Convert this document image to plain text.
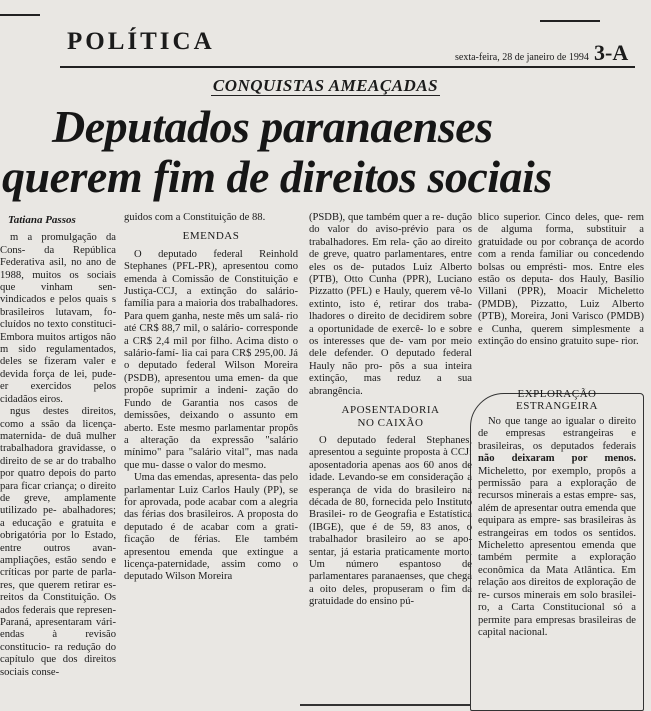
POLÍTICA
sexta-feira, 28 de janeiro de 1994 3-A
CONQUISTAS AMEAÇADAS
Deputados paranaenses
querem fim de direitos sociais

Tatiana Passos

m a promulgação da Cons- da República Federativa asil, no ano de 1988, muitos os sociais que vinham sen- vindicados e pelos quais s brasileiros lutavam, fo- cluídos no texto constituci- Embora muitos artigos não m sido regulamentados, deles se fizeram valer e devida força de lei, pude- er exercidos pelos cidadãos eiros.

ngus destes direitos, como a ssão da licença-maternida- de duâ mulher trabalhadora gravidasse, o direito de se ar do trabalho por quatro depois do parto para ficar criança; o direito de greve, amplamente utilizado pe- abalhadores; a educação e gratuita e obrigatória por lo Estado, entre outros avan- ampliações, estão sendo e críticas por parte de parla- res, que querem retirar es- reitos da Constituição. Os ados federais que represen- Paraná, apresentaram vári- endas à revisão constitucio- ra redução do capítulo que dos direitos sociais conse-

guidos com a Constituição de 88.

EMENDAS

O deputado federal Reinhold Stephanes (PFL-PR), apresentou como emenda à Comissão de Constituição e Justiça-CCJ, a extinção do salário-família para a maioria dos trabalhadores. Para quem ganha, neste mês um salá- rio até CR$ 88,7 mil, o salário- corresponde a CR$ 2,4 mil por filho. Acima disto o salário-famí- lia cai para CR$ 295,00. Já o deputado federal Wilson Moreira (PSDB), apresentou uma emen- da que propõe suprimir a indeni- zação do Fundo de Garantia nos casos de demissões, deixando o assunto em aberto. Este mesmo parlamentar propôs a alteração da expressão "salário mínimo" para "salário vital", mas nada que mu- dasse o valor do mesmo.

Uma das emendas, apresenta- das pelo parlamentar Luiz Carlos Hauly (PP), se for aprovada, pode acabar com a alegria das férias dos brasileiros. A proposta do deputado é de acabar com a grati- ficação de férias. Ele também apresentou emenda que extingue a licença-paternidade, assim como o deputado Wilson Moreira

(PSDB), que também quer a re- dução do valor do aviso-prévio para os trabalhadores. Em rela- ção ao direito de greve, quatro parlamentares, entre eles os de- putados Luiz Alberto (PTB), Otto Cunha (PPR), Luciano Pizzatto (PFL) e Hauly, querem vê-lo extinto, isto é, retirar dos traba- lhadores o direito de decidirem sobre a oportunidade de exercê- lo e sobre os interesses que de- vam por meio dele defender. O deputado federal Hauly não pro- põs a sua inteira extinção, mas reduz a sua abrangência.

APOSENTADORIA NO CAIXÃO

O deputado federal Stephanes, apresentou a seguinte proposta à CCJ: aposentadoria apenas aos 60 anos de idade. Levando-se em consideração a esperança de vida do brasileiro na década de 80, fornecida pelo Instituto Brasilei- ro de Geografia e Estatística (IBGE), que é de 59, 83 anos, o trabalhador brasileiro ao se apo- sentar, já estaria praticamente morto. Um número espantoso de parlamentares paranaenses, que chega a oito deles, propuseram o fim da gratuidade do ensino pú-

blico superior. Cinco deles, que- rem de alguma forma, substituir a gratuidade ou por cobrança de acordo com a renda familiar ou concedendo bolsas ou emprésti- mos. Entre eles estão os deputa- dos Hauly, Basílio Villani (PPR), Moacir Micheletto (PMDB), Pizzatto, Luiz Alberto (PTB), Moreira, Joni Varisco (PMDB) e Cunha, querem simplesmente a extinção do ensino gratuito supe- rior.

EXPLORAÇÃO ESTRANGEIRA

No que tange ao igualar o direito de empresas estrangeiras e brasileiras, os deputados federais não deixaram por menos. Micheletto, por exemplo, propôs a permissão para a exploração de recursos minerais a estas empre- sas, além de apresentar outra emenda que equipara as empre- sas brasileiras às estrangeiras em todos os sentidos. Micheletto apresentou emenda que também permite a exploração econômica da Mata Atlântica. Em relação aos direitos de exploração de re- cursos minerais em solo brasilei- ro, a Carta Constitucional só a permite para empresas brasileiras de capital nacional.
